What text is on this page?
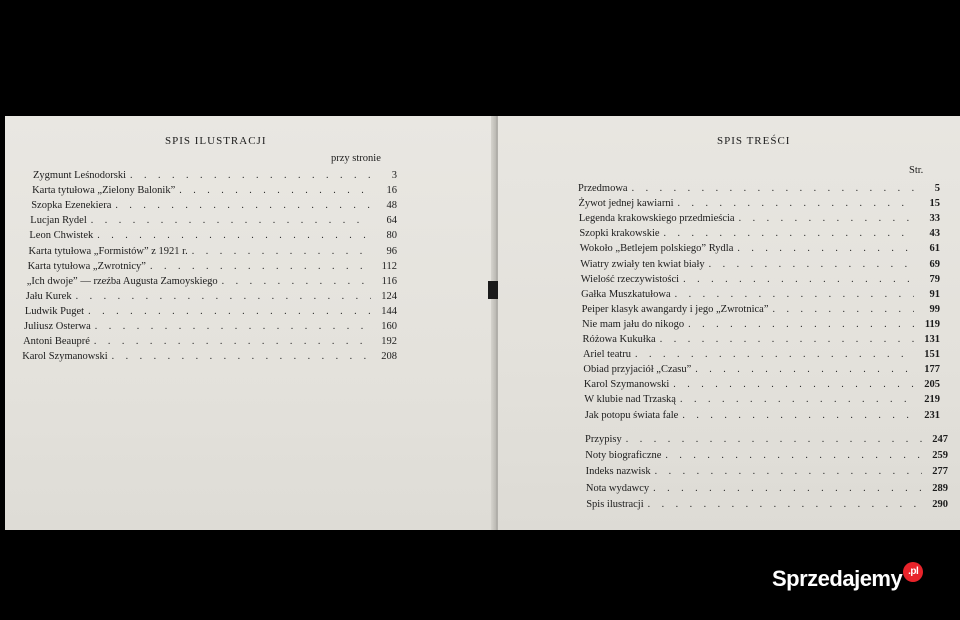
SPIS ILUSTRACJI
przy stronie
Zygmunt Leśnodorski . . .	3
Karta tytułowa „Zielony Balonik” . . .	16
Szopka Ezenekiera . . .	48
Lucjan Rydel . . .	64
Leon Chwistek . . .	80
Karta tytułowa „Formistów” z 1921 r. . . .	96
Karta tytułowa „Zwrotnicy” . . .	112
„Ich dwoje” — rzeźba Augusta Zamoyskiego . . .	116
Jału Kurek . . .	124
Ludwik Puget . . .	144
Juliusz Osterwa . . .	160
Antoni Beaupré . . .	192
Karol Szymanowski . . .	208
SPIS TREŚCI
Str.
Przedmowa . . .	5
Żywot jednej kawiarni . . .	15
Legenda krakowskiego przedmieścia . . .	33
Szopki krakowskie . . .	43
Wokoło „Betlejem polskiego” Rydla . . .	61
Wiatry zwiały ten kwiat biały . . .	69
Wielość rzeczywistości . . .	79
Gałka Muszkatułowa . . .	91
Peiper klasyk awangardy i jego „Zwrotnica” . . .	99
Nie mam jału do nikogo . . .	119
Różowa Kukułka . . .	131
Ariel teatru . . .	151
Obiad przyjaciół „Czasu” . . .	177
Karol Szymanowski . . .	205
W klubie nad Trzaską . . .	219
Jak potopu świata fale . . .	231
Przypisy . . .	247
Noty biograficzne . . .	259
Indeks nazwisk . . .	277
Nota wydawcy . . .	289
Spis ilustracji . . .	290
Sprzedajemy .pl
